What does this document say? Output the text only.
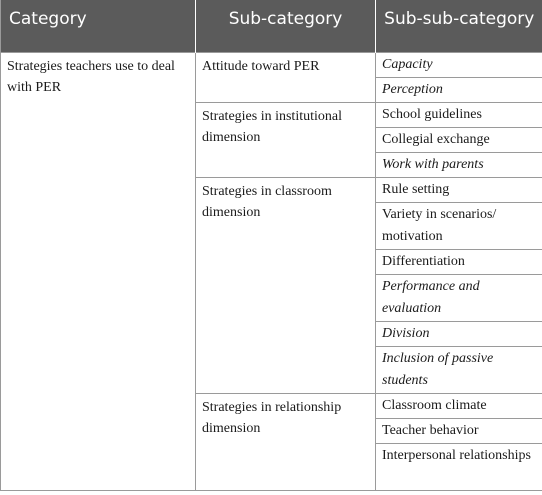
Category	Sub-category	Sub-sub-category
Strategies teachers use to deal with PER	Attitude toward PER	Capacity
		Perception
	Strategies in institutional dimension	School guidelines
		Collegial exchange
		Work with parents
	Strategies in classroom dimension	Rule setting
		Variety in scenarios/ motivation
		Differentiation
		Performance and evaluation
		Division
		Inclusion of passive students
	Strategies in relationship dimension	Classroom climate
		Teacher behavior
		Interpersonal relationships
